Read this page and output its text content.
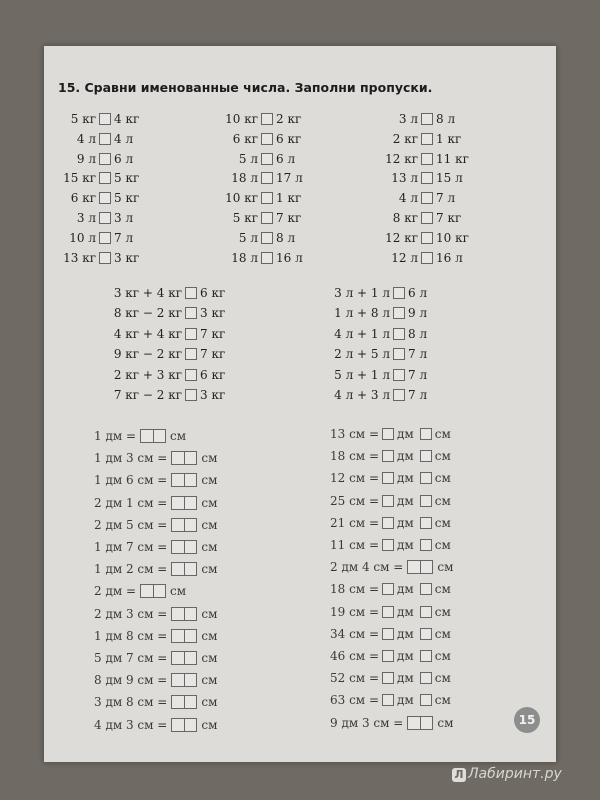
15. Сравни именованные числа. Заполни пропуски.
5 кг 4 кг
4 л 4 л
9 л 6 л
15 кг 5 кг
6 кг 5 кг
3 л 3 л
10 л 7 л
13 кг 3 кг
10 кг 2 кг
6 кг 6 кг
5 л 6 л
18 л 17 л
10 кг 1 кг
5 кг 7 кг
5 л 8 л
18 л 16 л
3 л 8 л
2 кг 1 кг
12 кг 11 кг
13 л 15 л
4 л 7 л
8 кг 7 кг
12 кг 10 кг
12 л 16 л
3 кг + 4 кг 6 кг
8 кг − 2 кг 3 кг
4 кг + 4 кг 7 кг
9 кг − 2 кг 7 кг
2 кг + 3 кг 6 кг
7 кг − 2 кг 3 кг
3 л + 1 л 6 л
1 л + 8 л 9 л
4 л + 1 л 8 л
2 л + 5 л 7 л
5 л + 1 л 7 л
4 л + 3 л 7 л
1 дм =	см
1 дм 3 см =	см
1 дм 6 см =	см
2 дм 1 см =	см
2 дм 5 см =	см
1 дм 7 см =	см
1 дм 2 см =	см
2 дм =	см
2 дм 3 см =	см
1 дм 8 см =	см
5 дм 7 см =	см
8 дм 9 см =	см
3 дм 8 см =	см
4 дм 3 см =	см
13 см = дм см
18 см = дм см
12 см = дм см
25 см = дм см
21 см = дм см
11 см = дм см
2 дм 4 см =	см
18 см = дм см
19 см = дм см
34 см = дм см
46 см = дм см
52 см = дм см
63 см = дм см
9 дм 3 см =	см	15
Л Лабиринт.ру
